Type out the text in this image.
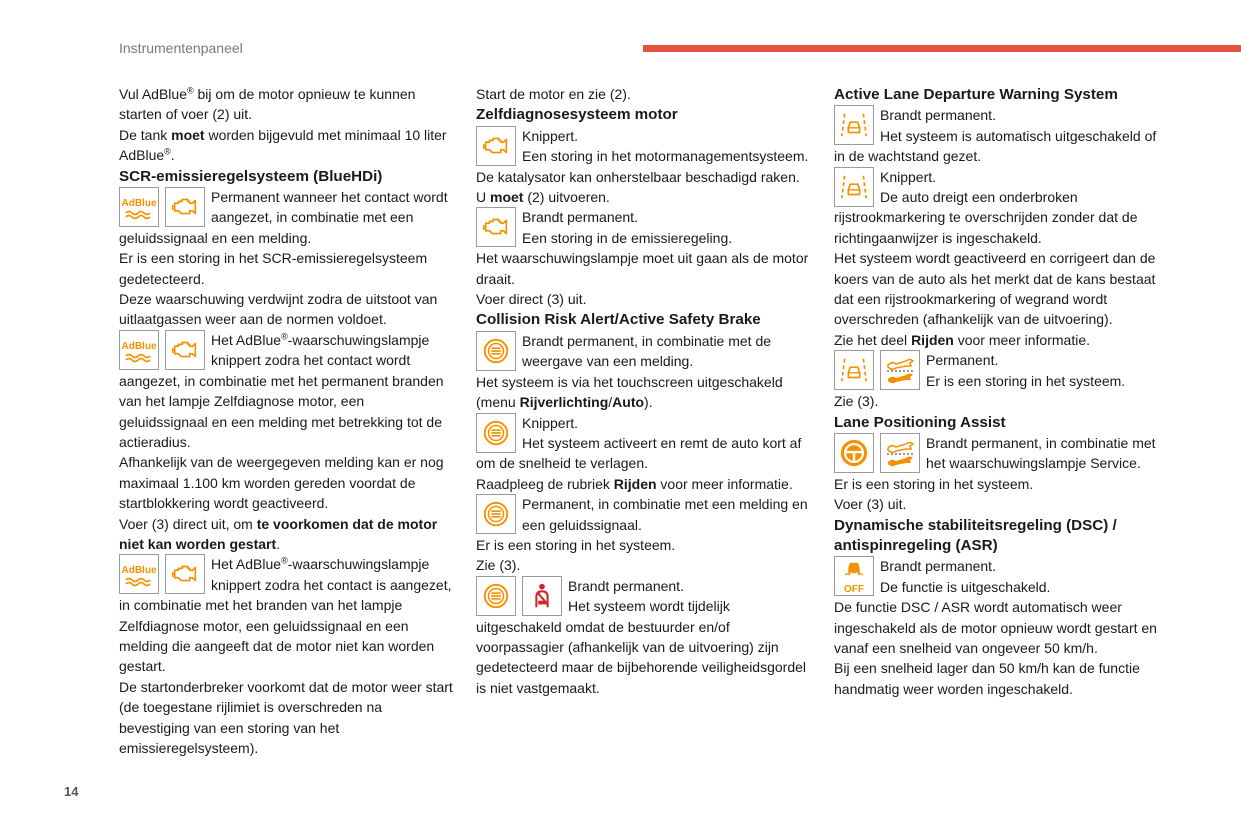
Instrumentenpaneel

Vul AdBlue® bij om de motor opnieuw te kunnen starten of voer (2) uit.

De tank moet worden bijgevuld met minimaal 10 liter AdBlue®.

SCR-emissieregelsysteem (BlueHDi)
AdBlue	Permanent wanneer het contact wordt aangezet, in combinatie met een geluidssignaal en een melding.

Er is een storing in het SCR-emissieregelsysteem gedetecteerd.

Deze waarschuwing verdwijnt zodra de uitstoot van uitlaatgassen weer aan de normen voldoet.

AdBlue	Het AdBlue®-waarschuwingslampje knippert zodra het contact wordt aangezet, in combinatie met het permanent branden van het lampje Zelfdiagnose motor, een geluidssignaal en een melding met betrekking tot de actieradius.

Afhankelijk van de weergegeven melding kan er nog maximaal 1.100 km worden gereden voordat de startblokkering wordt geactiveerd.

Voer (3) direct uit, om te voorkomen dat de motor niet kan worden gestart.

AdBlue	Het AdBlue®-waarschuwingslampje knippert zodra het contact is aangezet, in combinatie met het branden van het lampje Zelfdiagnose motor, een geluidssignaal en een melding die aangeeft dat de motor niet kan worden gestart.

De startonderbreker voorkomt dat de motor weer start (de toegestane rijlimiet is overschreden na bevestiging van een storing van het emissieregelsysteem).

Start de motor en zie (2).

Zelfdiagnosesysteem motor

Knippert.

Een storing in het motormanagementsysteem.

De katalysator kan onherstelbaar beschadigd raken.

U moet (2) uitvoeren.

Brandt permanent.

Een storing in de emissieregeling.

Het waarschuwingslampje moet uit gaan als de motor draait.

Voer direct (3) uit.

Collision Risk Alert/Active Safety Brake

Brandt permanent, in combinatie met de weergave van een melding.

Het systeem is via het touchscreen uitgeschakeld (menu Rijverlichting/Auto).

Knippert.

Het systeem activeert en remt de auto kort af om de snelheid te verlagen.

Raadpleeg de rubriek Rijden voor meer informatie.

Permanent, in combinatie met een melding en een geluidssignaal.

Er is een storing in het systeem.

Zie (3).

Brandt permanent.

Het systeem wordt tijdelijk uitgeschakeld omdat de bestuurder en/of voorpassagier (afhankelijk van de uitvoering) zijn gedetecteerd maar de bijbehorende veiligheidsgordel is niet vastgemaakt.

Active Lane Departure Warning System

Brandt permanent.

Het systeem is automatisch uitgeschakeld of in de wachtstand gezet.

Knippert.

De auto dreigt een onderbroken rijstrookmarkering te overschrijden zonder dat de richtingaanwijzer is ingeschakeld.

Het systeem wordt geactiveerd en corrigeert dan de koers van de auto als het merkt dat de kans bestaat dat een rijstrookmarkering of wegrand wordt overschreden (afhankelijk van de uitvoering).

Zie het deel Rijden voor meer informatie.

Permanent.

Er is een storing in het systeem.

Zie (3).

Lane Positioning Assist

Brandt permanent, in combinatie met het waarschuwingslampje Service.

Er is een storing in het systeem.

Voer (3) uit.

Dynamische stabiliteitsregeling (DSC) / antispinregeling (ASR)
OFF

Brandt permanent.

De functie is uitgeschakeld.

De functie DSC / ASR wordt automatisch weer ingeschakeld als de motor opnieuw wordt gestart en vanaf een snelheid van ongeveer 50 km/h.

Bij een snelheid lager dan 50 km/h kan de functie handmatig weer worden ingeschakeld.

14
